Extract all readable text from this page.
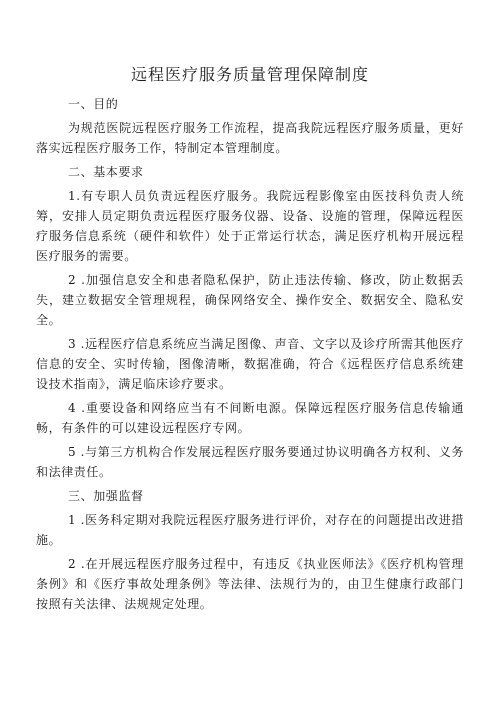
远程医疗服务质量管理保障制度
一、目的

为规范医院远程医疗服务工作流程，提高我院远程医疗服务质量，更好落实远程医疗服务工作，特制定本管理制度。

二、基本要求

1.有专职人员负责远程医疗服务。我院远程影像室由医技科负责人统筹，安排人员定期负责远程医疗服务仪器、设备、设施的管理，保障远程医疗服务信息系统（硬件和软件）处于正常运行状态，满足医疗机构开展远程医疗服务的需要。

2 .加强信息安全和患者隐私保护，防止违法传输、修改，防止数据丢失，建立数据安全管理规程，确保网络安全、操作安全、数据安全、隐私安全。

3 .远程医疗信息系统应当满足图像、声音、文字以及诊疗所需其他医疗信息的安全、实时传输，图像清晰，数据准确，符合《远程医疗信息系统建设技术指南》，满足临床诊疗要求。

4 .重要设备和网络应当有不间断电源。保障远程医疗服务信息传输通畅，有条件的可以建设远程医疗专网。

5 .与第三方机构合作发展远程医疗服务要通过协议明确各方权利、义务和法律责任。

三、加强监督

1 .医务科定期对我院远程医疗服务进行评价，对存在的问题提出改进措施。

2 .在开展远程医疗服务过程中，有违反《执业医师法》《医疗机构管理条例》和《医疗事故处理条例》等法律、法规行为的，由卫生健康行政部门按照有关法律、法规规定处理。
